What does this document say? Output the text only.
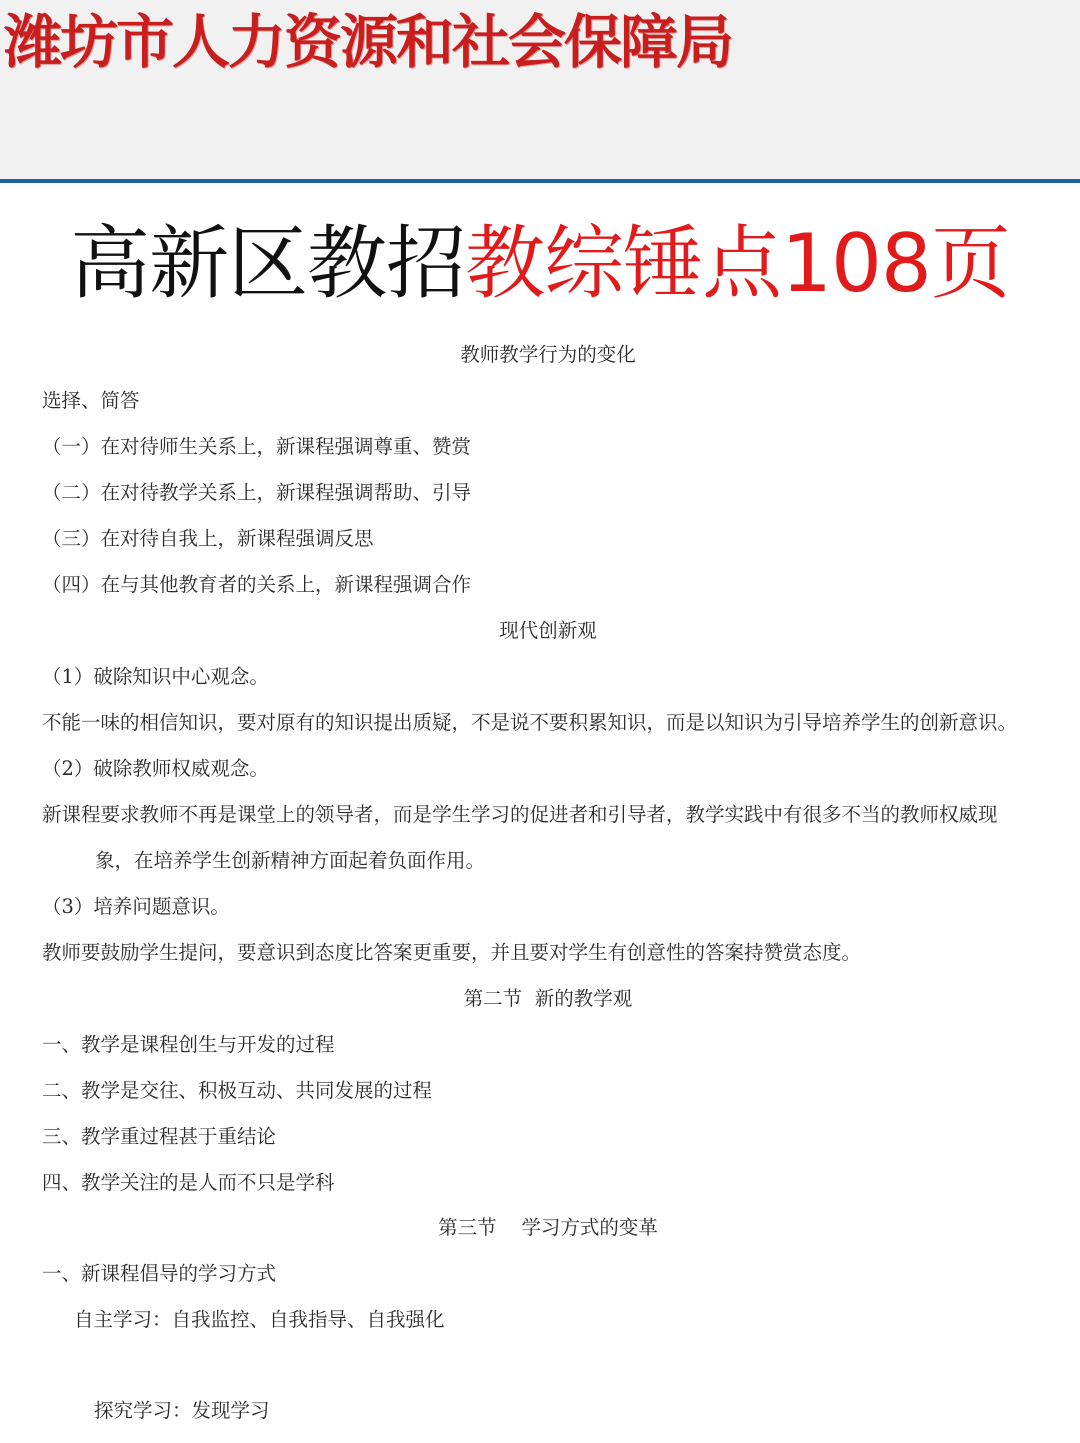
潍坊市人力资源和社会保障局
高新区教招教综锤点108页
教师教学行为的变化
选择、简答
（一）在对待师生关系上，新课程强调尊重、赞赏
（二）在对待教学关系上，新课程强调帮助、引导
（三）在对待自我上，新课程强调反思
（四）在与其他教育者的关系上，新课程强调合作
现代创新观
（1）破除知识中心观念。
不能一味的相信知识，要对原有的知识提出质疑，不是说不要积累知识，而是以知识为引导培养学生的创新意识。
（2）破除教师权威观念。
新课程要求教师不再是课堂上的领导者，而是学生学习的促进者和引导者，教学实践中有很多不当的教师权威现
象，在培养学生创新精神方面起着负面作用。
（3）培养问题意识。
教师要鼓励学生提问，要意识到态度比答案更重要，并且要对学生有创意性的答案持赞赏态度。
第二节  新的教学观
一、教学是课程创生与开发的过程
二、教学是交往、积极互动、共同发展的过程
三、教学重过程甚于重结论
四、教学关注的是人而不只是学科
第三节    学习方式的变革
一、新课程倡导的学习方式
自主学习：自我监控、自我指导、自我强化
探究学习：发现学习
